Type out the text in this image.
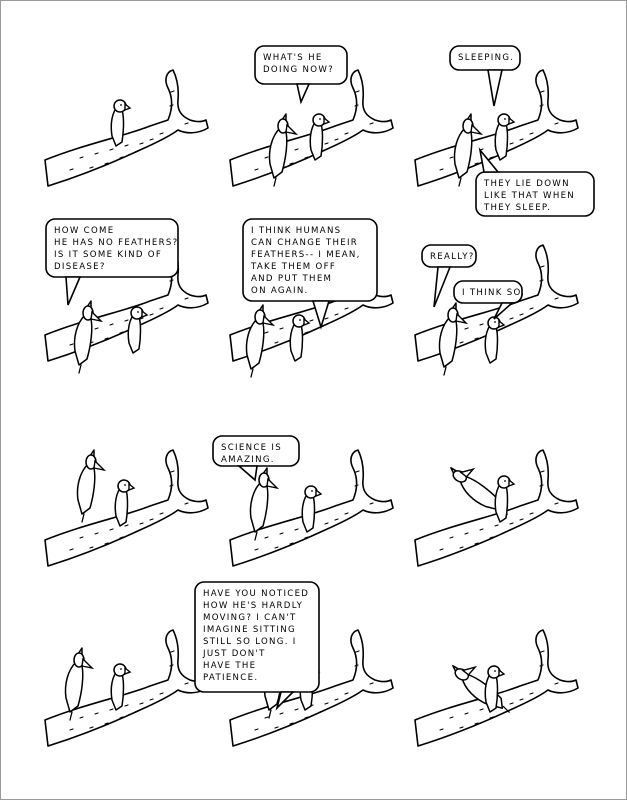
WHAT'S HE DOING NOW?
SLEEPING.
THEY LIE DOWN LIKE THAT WHEN THEY SLEEP.
HOW COME HE HAS NO FEATHERS? IS IT SOME KIND OF DISEASE?
I THINK HUMANS CAN CHANGE THEIR FEATHERS-- I MEAN, TAKE THEM OFF AND PUT THEM ON AGAIN.
REALLY?
I THINK SO.
SCIENCE IS AMAZING.
HAVE YOU NOTICED HOW HE'S HARDLY MOVING? I CAN'T IMAGINE SITTING STILL SO LONG. I JUST DON'T HAVE THE PATIENCE.
